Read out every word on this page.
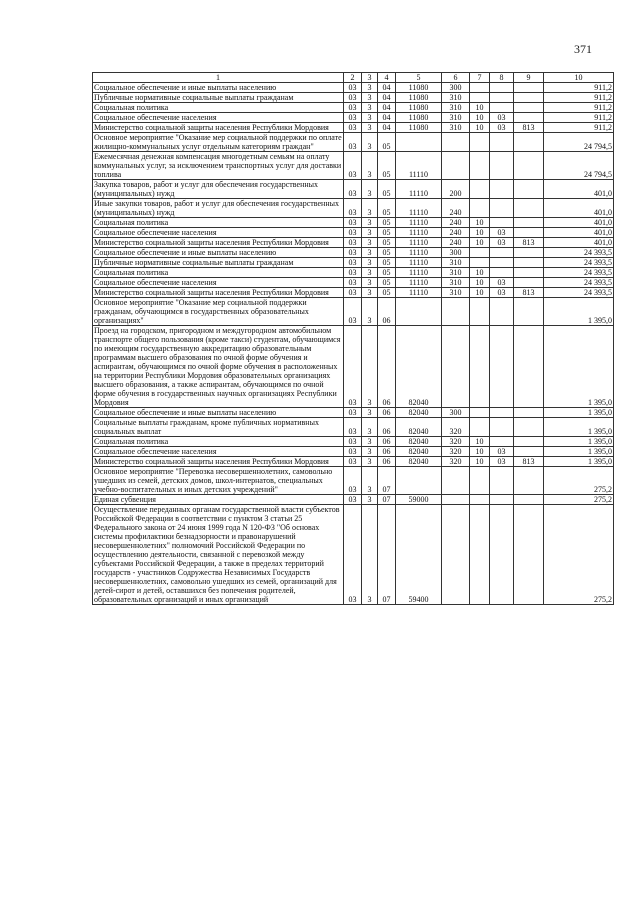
371
1	2	3	4	5	6	7	8	9	10
Социальное обеспечение и иные выплаты населению	03	3	04	11080	300				911,2
Публичные нормативные социальные выплаты гражданам	03	3	04	11080	310				911,2
Социальная политика	03	3	04	11080	310	10			911,2
Социальное обеспечение населения	03	3	04	11080	310	10	03		911,2
Министерство социальной защиты населения Республики Мордовия	03	3	04	11080	310	10	03	813	911,2
Основное мероприятие "Оказание мер социальной поддержки по оплате жилищно-коммунальных услуг отдельным категориям граждан"	03	3	05						24 794,5
Ежемесячная денежная компенсация многодетным семьям на оплату коммунальных услуг, за исключением транспортных услуг для доставки топлива	03	3	05	11110					24 794,5
Закупка товаров, работ и услуг для обеспечения государственных (муниципальных) нужд	03	3	05	11110	200				401,0
Иные закупки товаров, работ и услуг для обеспечения государственных (муниципальных) нужд	03	3	05	11110	240				401,0
Социальная политика	03	3	05	11110	240	10			401,0
Социальное обеспечение населения	03	3	05	11110	240	10	03		401,0
Министерство социальной защиты населения Республики Мордовия	03	3	05	11110	240	10	03	813	401,0
Социальное обеспечение и иные выплаты населению	03	3	05	11110	300				24 393,5
Публичные нормативные социальные выплаты гражданам	03	3	05	11110	310				24 393,5
Социальная политика	03	3	05	11110	310	10			24 393,5
Социальное обеспечение населения	03	3	05	11110	310	10	03		24 393,5
Министерство социальной защиты населения Республики Мордовия	03	3	05	11110	310	10	03	813	24 393,5
Основное мероприятие "Оказание мер социальной поддержки гражданам, обучающимся в государственных образовательных организациях"	03	3	06						1 395,0
Проезд на городском, пригородном и междугородном автомобильном транспорте общего пользования (кроме такси) студентам, обучающимся по имеющим государственную аккредитацию образовательным программам высшего образования по очной форме обучения и аспирантам, обучающимся по очной форме обучения в расположенных на территории Республики Мордовия образовательных организациях высшего образования, а также аспирантам, обучающимся по очной форме обучения в государственных научных организациях Республики Мордовия	03	3	06	82040					1 395,0
Социальное обеспечение и иные выплаты населению	03	3	06	82040	300				1 395,0
Социальные выплаты гражданам, кроме публичных нормативных социальных выплат	03	3	06	82040	320				1 395,0
Социальная политика	03	3	06	82040	320	10			1 395,0
Социальное обеспечение населения	03	3	06	82040	320	10	03		1 395,0
Министерство социальной защиты населения Республики Мордовия	03	3	06	82040	320	10	03	813	1 395,0
Основное мероприятие "Перевозка несовершеннолетних, самовольно ушедших из семей, детских домов, школ-интернатов, специальных учебно-воспитательных и иных детских учреждений"	03	3	07						275,2
Единая субвенция	03	3	07	59000					275,2
Осуществление переданных органам государственной власти субъектов Российской Федерации в соответствии с пунктом 3 статьи 25 Федерального закона от 24 июня 1999 года N 120-ФЗ "Об основах системы профилактики безнадзорности и правонарушений несовершеннолетних" полномочий Российской Федерации по осуществлению деятельности, связанной с перевозкой между субъектами Российской Федерации, а также в пределах территорий государств - участников Содружества Независимых Государств несовершеннолетних, самовольно ушедших из семей, организаций для детей-сирот и детей, оставшихся без попечения родителей, образовательных организаций и иных организаций	03	3	07	59400					275,2
